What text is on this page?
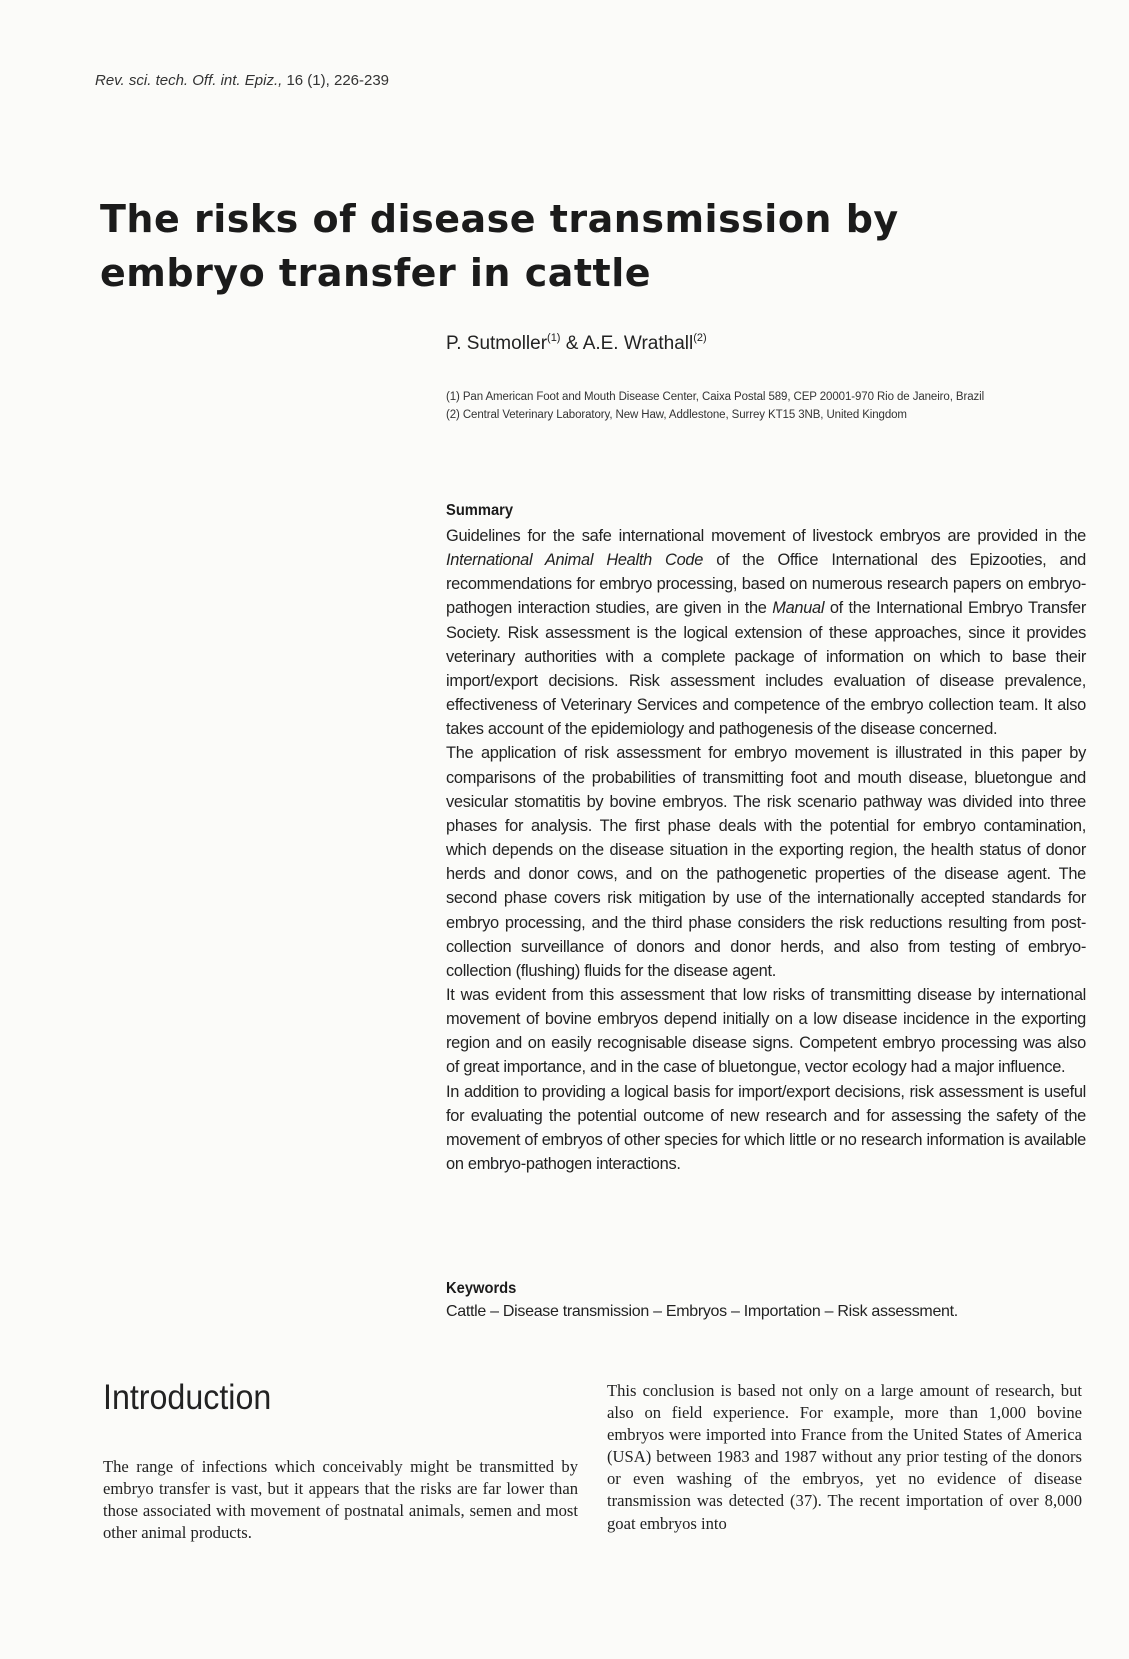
Rev. sci. tech. Off. int. Epiz., 16 (1), 226-239
The risks of disease transmission by embryo transfer in cattle
P. Sutmoller$^{(1)}$ & A.E. Wrathall$^{(2)}$
(1) Pan American Foot and Mouth Disease Center, Caixa Postal 589, CEP 20001-970 Rio de Janeiro, Brazil
(2) Central Veterinary Laboratory, New Haw, Addlestone, Surrey KT15 3NB, United Kingdom
Summary

Guidelines for the safe international movement of livestock embryos are provided in the International Animal Health Code of the Office International des Epizooties, and recommendations for embryo processing, based on numerous research papers on embryo-pathogen interaction studies, are given in the Manual of the International Embryo Transfer Society. Risk assessment is the logical extension of these approaches, since it provides veterinary authorities with a complete package of information on which to base their import/export decisions. Risk assessment includes evaluation of disease prevalence, effectiveness of Veterinary Services and competence of the embryo collection team. It also takes account of the epidemiology and pathogenesis of the disease concerned.

The application of risk assessment for embryo movement is illustrated in this paper by comparisons of the probabilities of transmitting foot and mouth disease, bluetongue and vesicular stomatitis by bovine embryos. The risk scenario pathway was divided into three phases for analysis. The first phase deals with the potential for embryo contamination, which depends on the disease situation in the exporting region, the health status of donor herds and donor cows, and on the pathogenetic properties of the disease agent. The second phase covers risk mitigation by use of the internationally accepted standards for embryo processing, and the third phase considers the risk reductions resulting from post-collection surveillance of donors and donor herds, and also from testing of embryo-collection (flushing) fluids for the disease agent.

It was evident from this assessment that low risks of transmitting disease by international movement of bovine embryos depend initially on a low disease incidence in the exporting region and on easily recognisable disease signs. Competent embryo processing was also of great importance, and in the case of bluetongue, vector ecology had a major influence.

In addition to providing a logical basis for import/export decisions, risk assessment is useful for evaluating the potential outcome of new research and for assessing the safety of the movement of embryos of other species for which little or no research information is available on embryo-pathogen interactions.

Keywords
Cattle – Disease transmission – Embryos – Importation – Risk assessment.
Introduction

The range of infections which conceivably might be transmitted by embryo transfer is vast, but it appears that the risks are far lower than those associated with movement of postnatal animals, semen and most other animal products.

This conclusion is based not only on a large amount of research, but also on field experience. For example, more than 1,000 bovine embryos were imported into France from the United States of America (USA) between 1983 and 1987 without any prior testing of the donors or even washing of the embryos, yet no evidence of disease transmission was detected (37). The recent importation of over 8,000 goat embryos into
